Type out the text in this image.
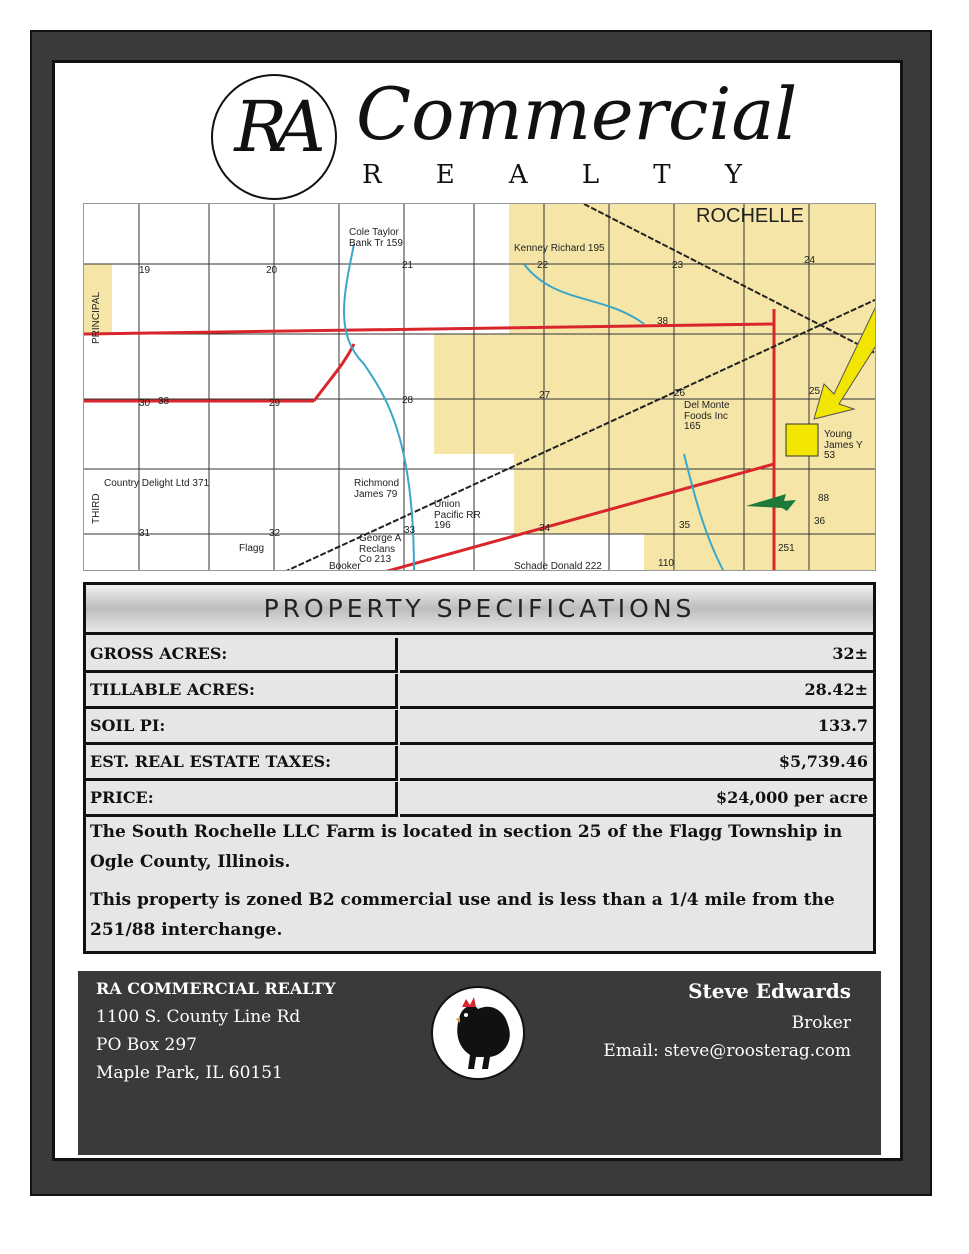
RA Commercial
R E A L T Y
ROCHELLE
19	20	21	22	23	24
25
26
27
28
29
30
31	32	33	34	35	36
38
38
88
251
110
PRINCIPAL
THIRD
Country Delight Ltd 371
Cole Taylor Bank Tr 159	Kenney Richard 195
Union Pacific RR 196
Richmond James 79
Young James Y 53
Del Monte Foods Inc 165
Schade Donald 222
Flagg
Booker
George A Reclans Co 213
PROPERTY SPECIFICATIONS
GROSS ACRES:	32±
TILLABLE ACRES:	28.42±
SOIL PI:	133.7
EST. REAL ESTATE TAXES:	$5,739.46
PRICE:	$24,000 per acre

The South Rochelle LLC Farm is located in section 25 of the Flagg Township in Ogle County, Illinois.

This property is zoned B2 commercial use and is less than a 1/4 mile from the 251/88 interchange.

RA COMMERCIAL REALTY
1100 S. County Line Rd
PO Box 297
Maple Park, IL 60151
Steve Edwards
Broker
Email: steve@roosterag.com
